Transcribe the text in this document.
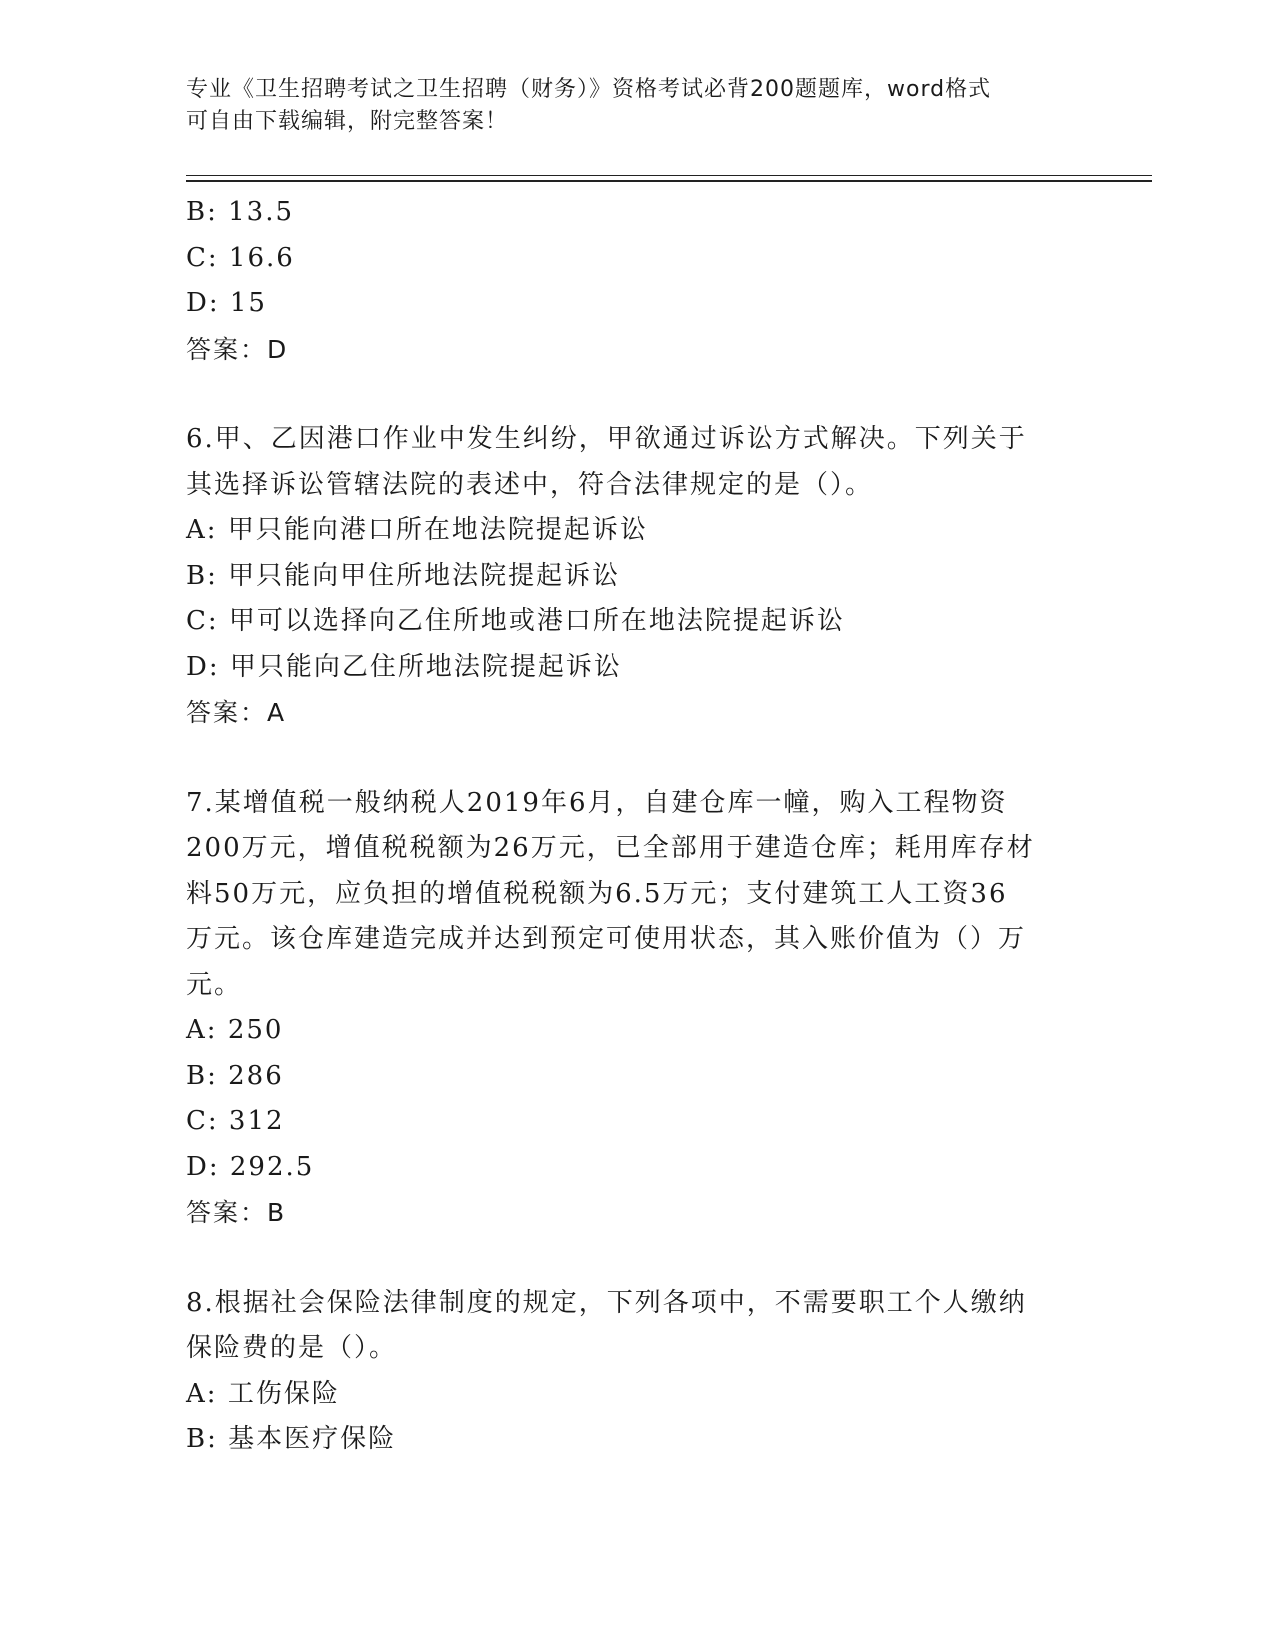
专业《卫生招聘考试之卫生招聘（财务）》资格考试必背200题题库，word格式
可自由下载编辑，附完整答案！
B: 13.5
C: 16.6
D: 15
答案：D
6.甲、乙因港口作业中发生纠纷，甲欲通过诉讼方式解决。下列关于
其选择诉讼管辖法院的表述中，符合法律规定的是（）。
A: 甲只能向港口所在地法院提起诉讼
B: 甲只能向甲住所地法院提起诉讼
C: 甲可以选择向乙住所地或港口所在地法院提起诉讼
D: 甲只能向乙住所地法院提起诉讼
答案：A
7.某增值税一般纳税人2019年6月，自建仓库一幢，购入工程物资
200万元，增值税税额为26万元，已全部用于建造仓库；耗用库存材
料50万元，应负担的增值税税额为6.5万元；支付建筑工人工资36
万元。该仓库建造完成并达到预定可使用状态，其入账价值为（）万
元。
A: 250
B: 286
C: 312
D: 292.5
答案：B
8.根据社会保险法律制度的规定，下列各项中，不需要职工个人缴纳
保险费的是（）。
A: 工伤保险
B: 基本医疗保险
